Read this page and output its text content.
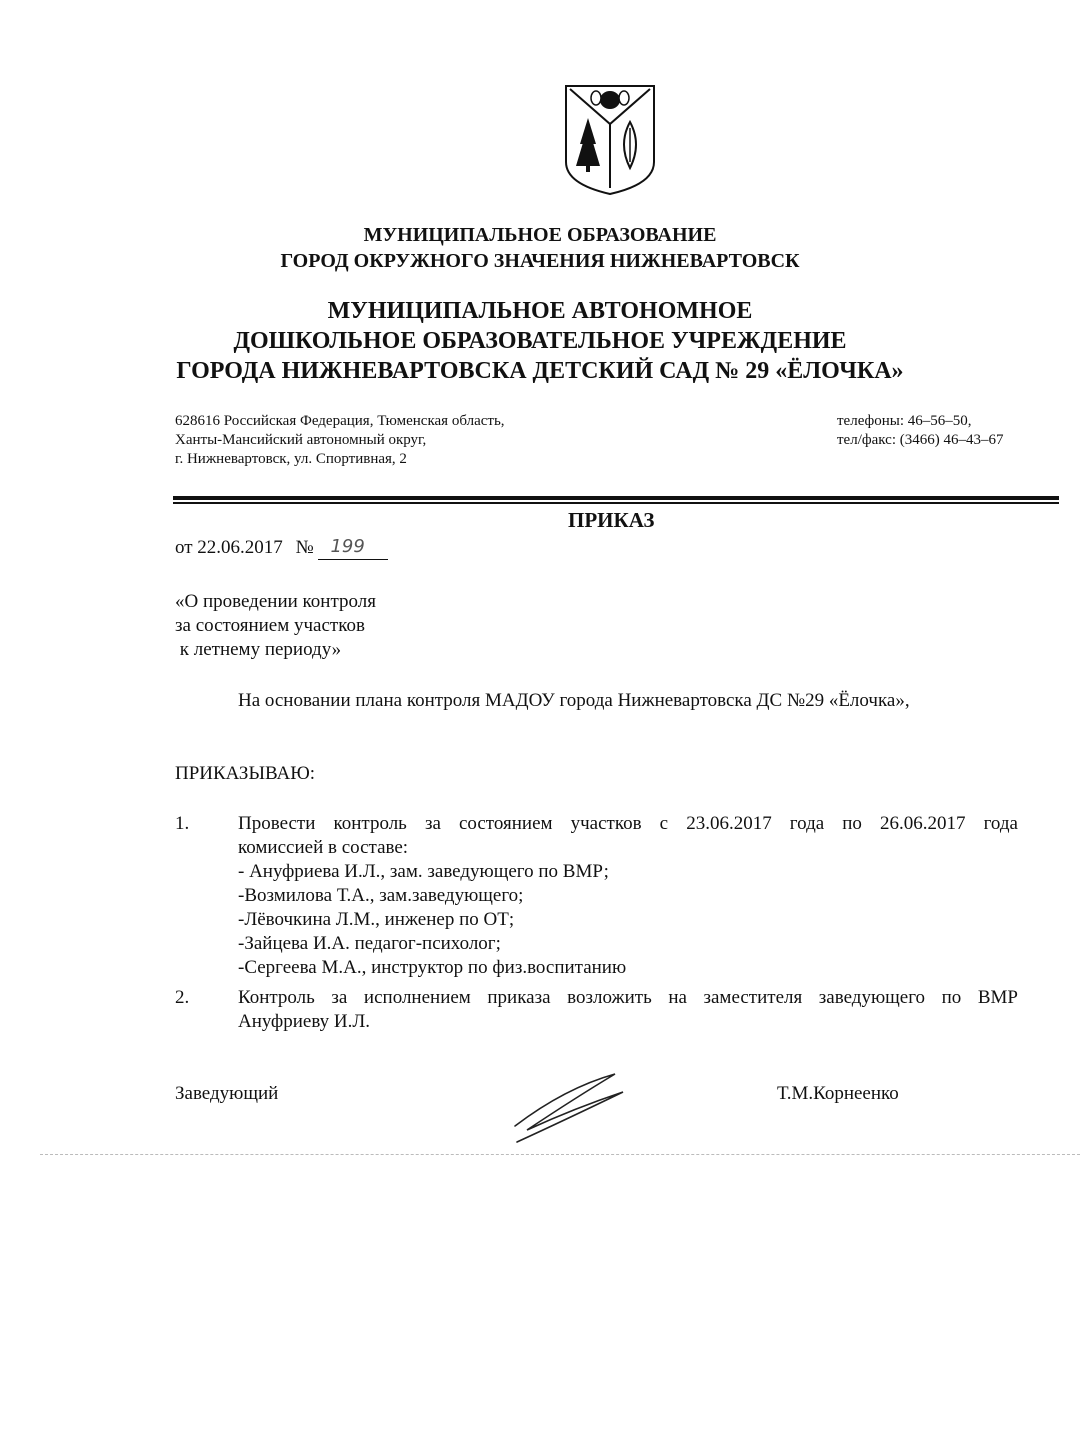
МУНИЦИПАЛЬНОЕ ОБРАЗОВАНИЕ
ГОРОД ОКРУЖНОГО ЗНАЧЕНИЯ НИЖНЕВАРТОВСК
МУНИЦИПАЛЬНОЕ АВТОНОМНОЕ
ДОШКОЛЬНОЕ ОБРАЗОВАТЕЛЬНОЕ УЧРЕЖДЕНИЕ
ГОРОДА НИЖНЕВАРТОВСКА ДЕТСКИЙ САД № 29 «ЁЛОЧКА»
628616 Российская Федерация, Тюменская область,
Ханты-Мансийский автономный округ,
г. Нижневартовск, ул. Спортивная, 2
телефоны: 46–56–50,
тел/факс: (3466) 46–43–67
ПРИКАЗ
от 22.06.2017 № 199
«О проведении контроля
за состоянием участков
к летнему периоду»
На основании плана контроля МАДОУ города Нижневартовска ДС №29 «Ёлочка»,
ПРИКАЗЫВАЮ:
1.	Провести контроль за состоянием участков с 23.06.2017 года по 26.06.2017 года
комиссией в составе:
- Ануфриева И.Л., зам. заведующего по ВМР;
-Возмилова Т.А., зам.заведующего;
-Лёвочкина Л.М., инженер по ОТ;
-Зайцева И.А. педагог-психолог;
-Сергеева М.А., инструктор по физ.воспитанию
2.	Контроль за исполнением приказа возложить на заместителя заведующего по ВМР
Ануфриеву И.Л.
Заведующий	Т.М.Корнеенко
